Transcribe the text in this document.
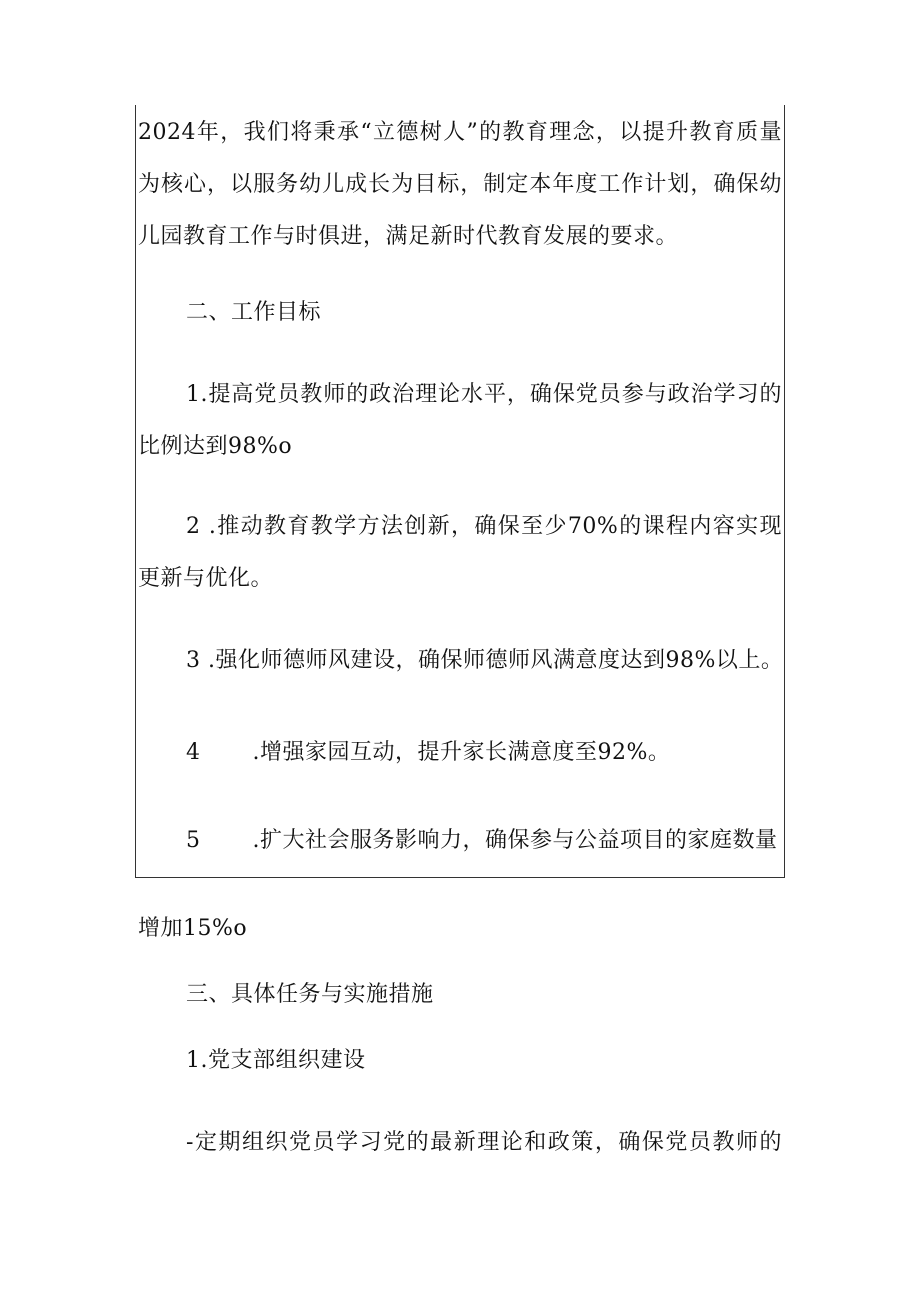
2024年，我们将秉承“立德树人”的教育理念，以提升教育质量
为核心，以服务幼儿成长为目标，制定本年度工作计划，确保幼
儿园教育工作与时俱进，满足新时代教育发展的要求。
二、工作目标
1.提高党员教师的政治理论水平，确保党员参与政治学习的
比例达到98%o
2 .推动教育教学方法创新，确保至少70%的课程内容实现
更新与优化。
3 .强化师德师风建设，确保师德师风满意度达到98%以上。
4 .增强家园互动，提升家长满意度至92%。
5 .扩大社会服务影响力，确保参与公益项目的家庭数量
增加15%o
三、具体任务与实施措施
1.党支部组织建设
-定期组织党员学习党的最新理论和政策，确保党员教师的
